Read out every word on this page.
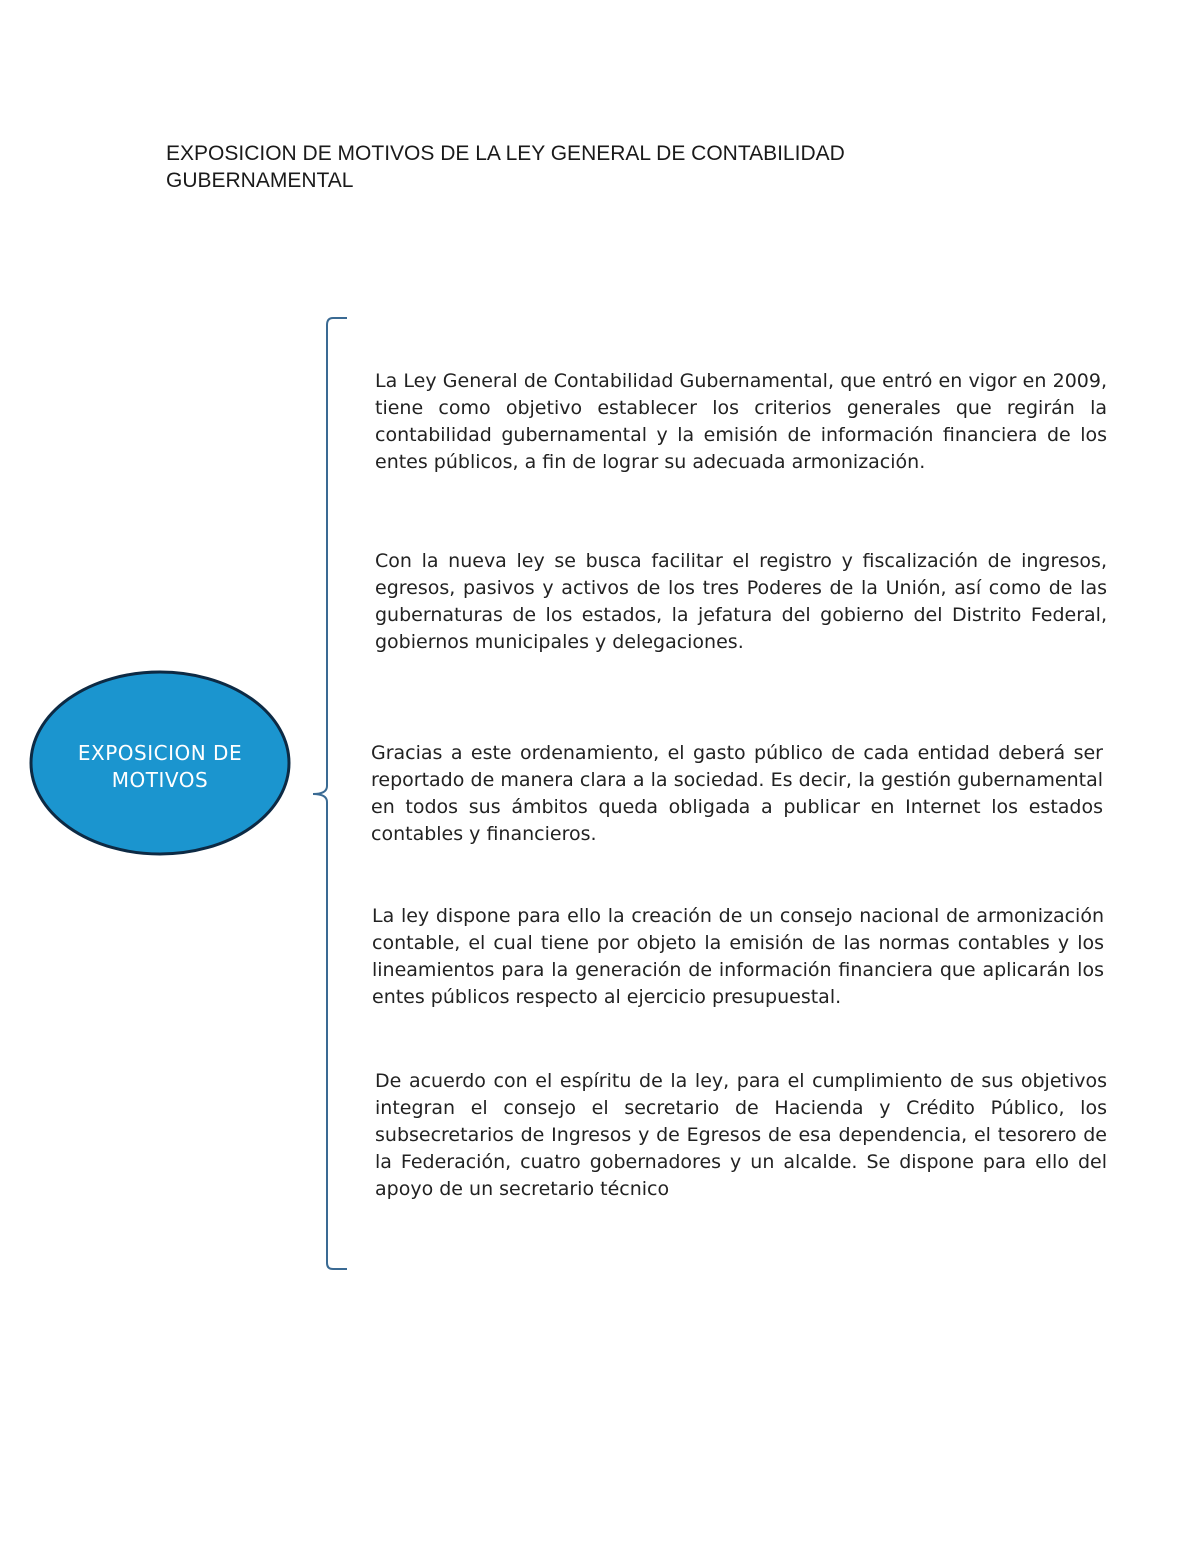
EXPOSICION DE MOTIVOS DE LA LEY GENERAL DE CONTABILIDAD GUBERNAMENTAL
EXPOSICION DE MOTIVOS
La Ley General de Contabilidad Gubernamental, que entró en vigor en 2009, tiene como objetivo establecer los criterios generales que regirán la contabilidad gubernamental y la emisión de información financiera de los entes públicos, a fin de lograr su adecuada armonización.
Con la nueva ley se busca facilitar el registro y fiscalización de ingresos, egresos, pasivos y activos de los tres Poderes de la Unión, así como de las gubernaturas de los estados, la jefatura del gobierno del Distrito Federal, gobiernos municipales y delegaciones.
Gracias a este ordenamiento, el gasto público de cada entidad deberá ser reportado de manera clara a la sociedad. Es decir, la gestión gubernamental en todos sus ámbitos queda obligada a publicar en Internet los estados contables y financieros.
La ley dispone para ello la creación de un consejo nacional de armonización contable, el cual tiene por objeto la emisión de las normas contables y los lineamientos para la generación de información financiera que aplicarán los entes públicos respecto al ejercicio presupuestal.
De acuerdo con el espíritu de la ley, para el cumplimiento de sus objetivos integran el consejo el secretario de Hacienda y Crédito Público, los subsecretarios de Ingresos y de Egresos de esa dependencia, el tesorero de la Federación, cuatro gobernadores y un alcalde. Se dispone para ello del apoyo de un secretario técnico
